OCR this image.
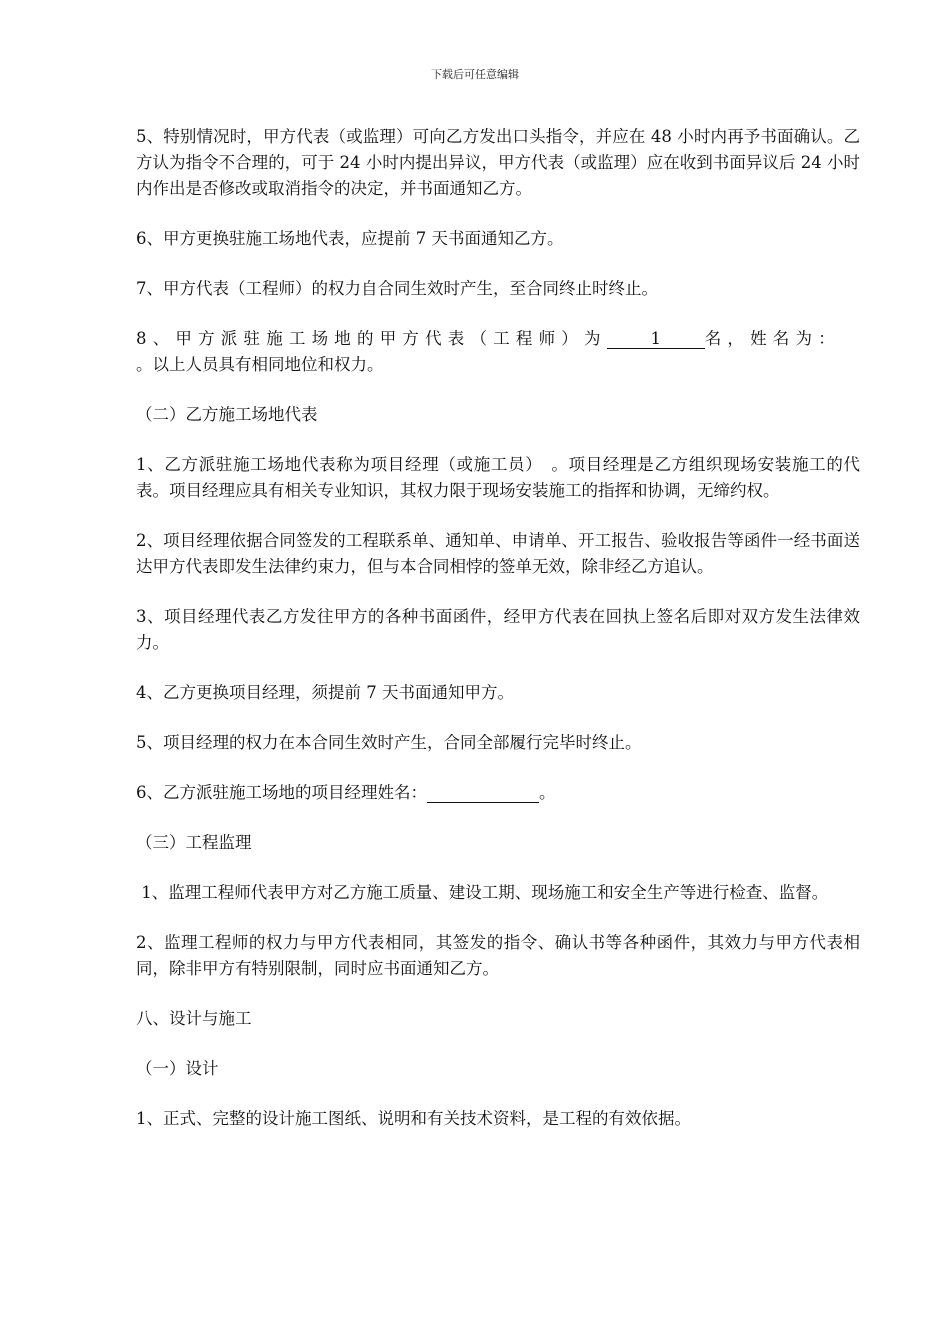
下载后可任意编辑

5、特别情况时，甲方代表（或监理）可向乙方发出口头指令，并应在 48 小时内再予书面确认。乙方认为指令不合理的，可于 24 小时内提出异议，甲方代表（或监理）应在收到书面异议后 24 小时内作出是否修改或取消指令的决定，并书面通知乙方。

6、甲方更换驻施工场地代表，应提前 7 天书面通知乙方。

7、甲方代表（工程师）的权力自合同生效时产生，至合同终止时终止。

8、甲方派驻施工场地的甲方代表（工程师）为	1	名，姓名为：
。以上人员具有相同地位和权力。

（二）乙方施工场地代表

1、乙方派驻施工场地代表称为项目经理（或施工员）　。项目经理是乙方组织现场安装施工的代表。项目经理应具有相关专业知识，其权力限于现场安装施工的指挥和协调，无缔约权。

2、项目经理依据合同签发的工程联系单、通知单、申请单、开工报告、验收报告等函件一经书面送达甲方代表即发生法律约束力，但与本合同相悖的签单无效，除非经乙方追认。

3、项目经理代表乙方发往甲方的各种书面函件，经甲方代表在回执上签名后即对双方发生法律效力。

4、乙方更换项目经理，须提前 7 天书面通知甲方。

5、项目经理的权力在本合同生效时产生，合同全部履行完毕时终止。

6、乙方派驻施工场地的项目经理姓名：	。

（三）工程监理

1、监理工程师代表甲方对乙方施工质量、建设工期、现场施工和安全生产等进行检查、监督。

2、监理工程师的权力与甲方代表相同，其签发的指令、确认书等各种函件，其效力与甲方代表相同，除非甲方有特别限制，同时应书面通知乙方。

八、设计与施工

（一）设计

1、正式、完整的设计施工图纸、说明和有关技术资料，是工程的有效依据。
